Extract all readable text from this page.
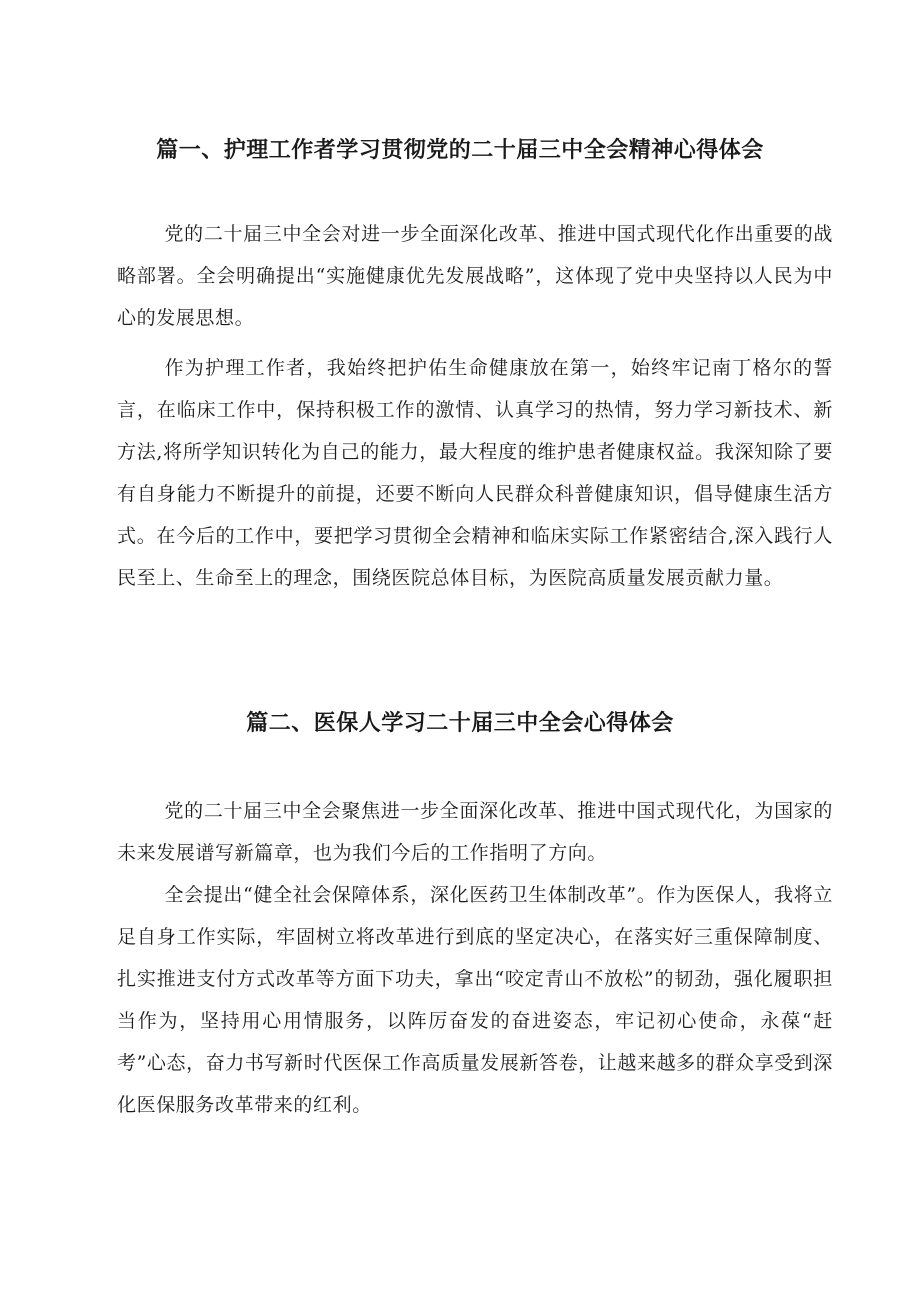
篇一、护理工作者学习贯彻党的二十届三中全会精神心得体会

党的二十届三中全会对进一步全面深化改革、推进中国式现代化作出重要的战略部署。全会明确提出“实施健康优先发展战略”，这体现了党中央坚持以人民为中心的发展思想。

作为护理工作者，我始终把护佑生命健康放在第一，始终牢记南丁格尔的誓言，在临床工作中，保持积极工作的激情、认真学习的热情，努力学习新技术、新方法,将所学知识转化为自己的能力，最大程度的维护患者健康权益。我深知除了要有自身能力不断提升的前提，还要不断向人民群众科普健康知识，倡导健康生活方式。在今后的工作中，要把学习贯彻全会精神和临床实际工作紧密结合,深入践行人民至上、生命至上的理念，围绕医院总体目标，为医院高质量发展贡献力量。

篇二、医保人学习二十届三中全会心得体会

党的二十届三中全会聚焦进一步全面深化改革、推进中国式现代化，为国家的未来发展谱写新篇章，也为我们今后的工作指明了方向。

全会提出“健全社会保障体系，深化医药卫生体制改革”。作为医保人，我将立足自身工作实际，牢固树立将改革进行到底的坚定决心，在落实好三重保障制度、扎实推进支付方式改革等方面下功夫，拿出“咬定青山不放松”的韧劲，强化履职担当作为，坚持用心用情服务，以阵厉奋发的奋进姿态，牢记初心使命，永葆“赶考”心态，奋力书写新时代医保工作高质量发展新答卷，让越来越多的群众享受到深化医保服务改革带来的红利。
